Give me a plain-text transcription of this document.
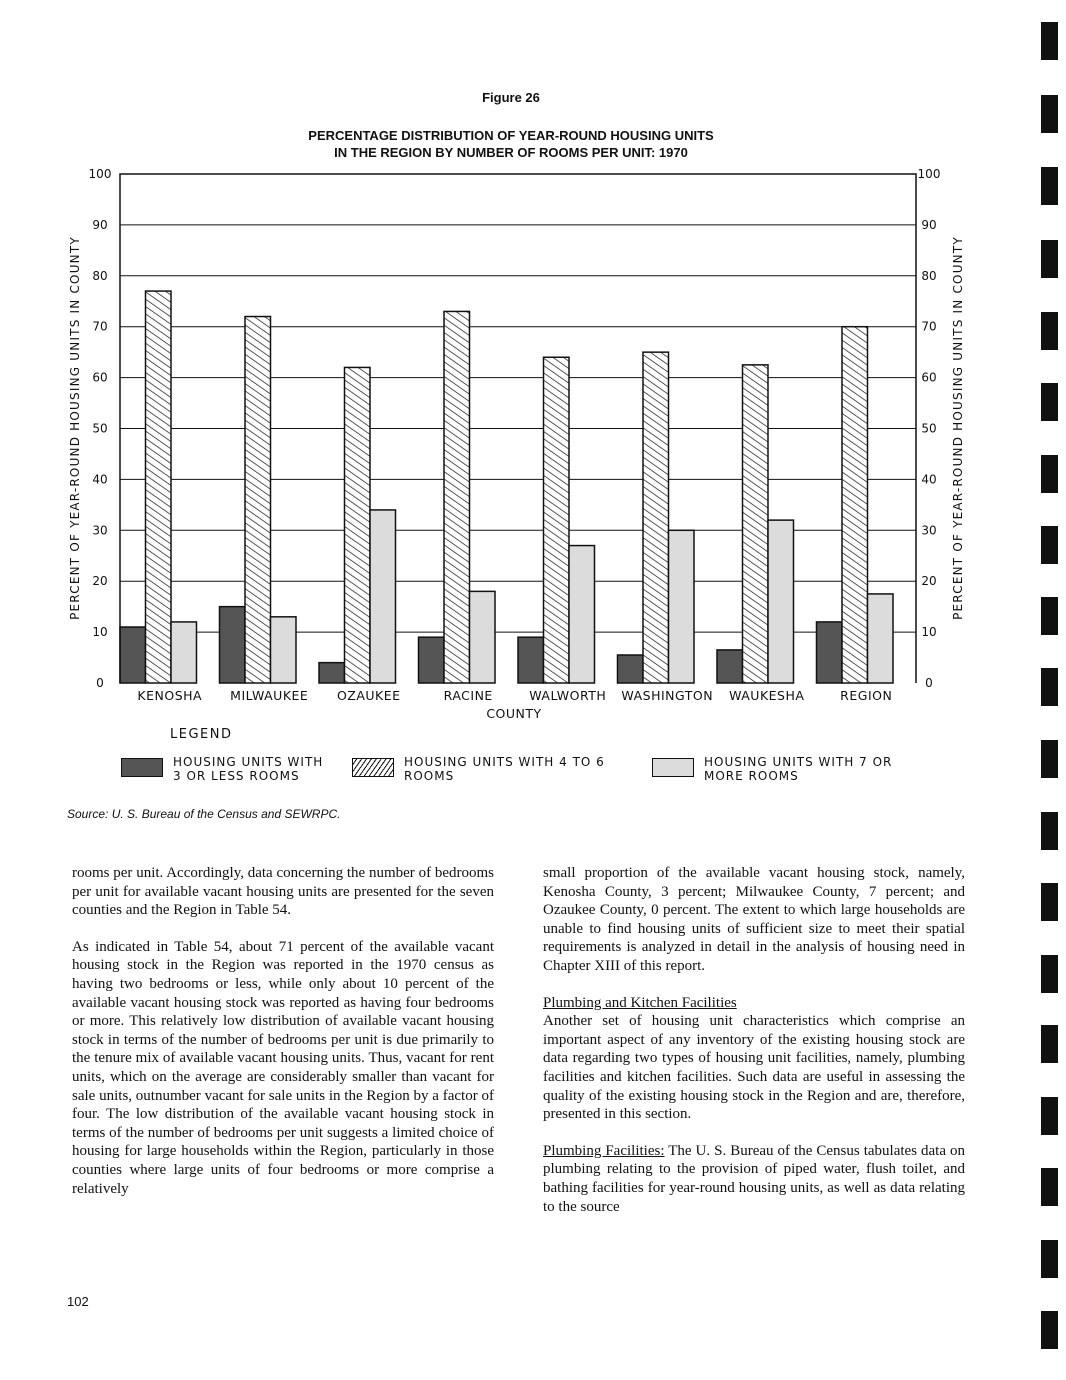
Figure 26
PERCENTAGE DISTRIBUTION OF YEAR-ROUND HOUSING UNITS
IN THE REGION BY NUMBER OF ROOMS PER UNIT: 1970
0	0
10	10
20	20
30	30
40	40
50	50
60	60
70	70
80	80
90	90
100	100
KENOSHA MILWAUKEE OZAUKEE	RACINE	WALWORTH WASHINGTON WAUKESHA	REGION
PERCENT OF YEAR-ROUND HOUSING UNITS IN COUNTY	PERCENT OF YEAR-ROUND HOUSING UNITS IN COUNTY
COUNTY
LEGEND
HOUSING UNITS WITH
3 OR LESS ROOMS
HOUSING UNITS WITH 4 TO 6
ROOMS
HOUSING UNITS WITH 7 OR
MORE ROOMS
Source: U. S. Bureau of the Census and SEWRPC.

rooms per unit. Accordingly, data concerning the number of bedrooms per unit for available vacant housing units are presented for the seven counties and the Region in Table 54.

As indicated in Table 54, about 71 percent of the available vacant housing stock in the Region was reported in the 1970 census as having two bedrooms or less, while only about 10 percent of the available vacant housing stock was reported as having four bedrooms or more. This relatively low distribution of available vacant housing stock in terms of the number of bedrooms per unit is due primarily to the tenure mix of available vacant housing units. Thus, vacant for rent units, which on the average are considerably smaller than vacant for sale units, outnumber vacant for sale units in the Region by a factor of four. The low distribution of the available vacant housing stock in terms of the number of bedrooms per unit suggests a limited choice of housing for large households within the Region, particularly in those counties where large units of four bedrooms or more comprise a relatively

small proportion of the available vacant housing stock, namely, Kenosha County, 3 percent; Milwaukee County, 7 percent; and Ozaukee County, 0 percent. The extent to which large households are unable to find housing units of sufficient size to meet their spatial requirements is analyzed in detail in the analysis of housing need in Chapter XIII of this report.

Plumbing and Kitchen Facilities

Another set of housing unit characteristics which comprise an important aspect of any inventory of the existing housing stock are data regarding two types of housing unit facilities, namely, plumbing facilities and kitchen facilities. Such data are useful in assessing the quality of the existing housing stock in the Region and are, therefore, presented in this section.

Plumbing Facilities: The U. S. Bureau of the Census tabulates data on plumbing relating to the provision of piped water, flush toilet, and bathing facilities for year-round housing units, as well as data relating to the source

102
